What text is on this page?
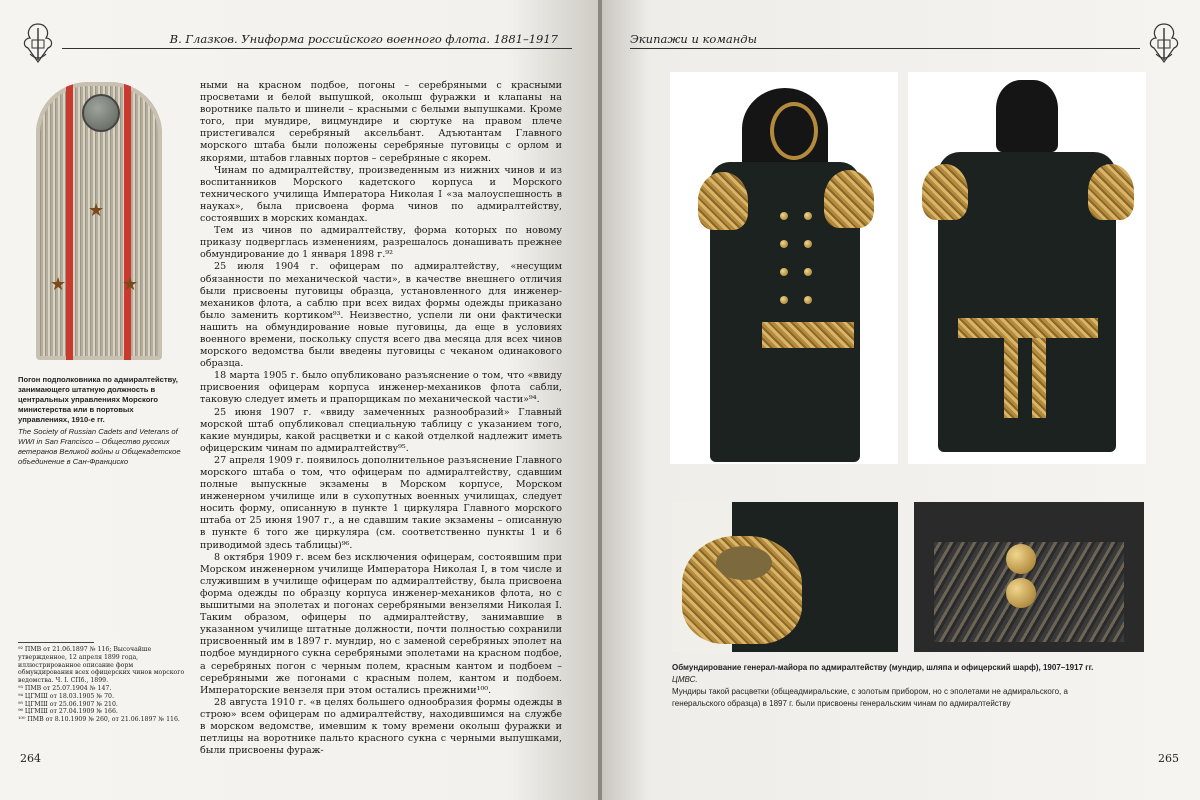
В. Глазков. Униформа российского военного флота. 1881–1917
★
★	★
Погон подполковника по адмиралтейству, занимающего штатную должность в центральных управлениях Морского министерства или в портовых управлениях, 1910-е гг.
The Society of Russian Cadets and Veterans of WWI in San Francisco – Общество русских ветеранов Великой войны и Общекадетское объединение в Сан-Франциско

ными на красном подбое, погоны – серебряными с красными просветами и белой выпушкой, околыш фуражки и клапаны на воротнике пальто и шинели – красными с белыми выпушками. Кроме того, при мундире, вицмундире и сюртуке на правом плече пристегивался серебряный аксельбант. Адъютантам Главного морского штаба были положены серебряные пуговицы с орлом и якорями, штабов главных портов – серебряные с якорем.

Чинам по адмиралтейству, произведенным из нижних чинов и из воспитанников Морского кадетского корпуса и Морского технического училища Императора Николая I «за малоуспешность в науках», была присвоена форма чинов по адмиралтейству, состоявших в морских командах.

Тем из чинов по адмиралтейству, форма которых по новому приказу подверглась изменениям, разрешалось донашивать прежнее обмундирование до 1 января 1898 г.⁹²

25 июля 1904 г. офицерам по адмиралтейству, «несущим обязанности по механической части», в качестве внешнего отличия были присвоены пуговицы образца, установленного для инженер-механиков флота, а саблю при всех видах формы одежды приказано было заменить кортиком⁹³. Неизвестно, успели ли они фактически нашить на обмундирование новые пуговицы, да еще в условиях военного времени, поскольку спустя всего два месяца для всех чинов морского ведомства были введены пуговицы с чеканом одинакового образца.

18 марта 1905 г. было опубликовано разъяснение о том, что «ввиду присвоения офицерам корпуса инженер-механиков флота сабли, таковую следует иметь и прапорщикам по механической части»⁹⁴.

25 июня 1907 г. «ввиду замеченных разнообразий» Главный морской штаб опубликовал специальную таблицу с указанием того, какие мундиры, какой расцветки и с какой отделкой надлежит иметь офицерским чинам по адмиралтейству⁹⁵.

27 апреля 1909 г. появилось дополнительное разъяснение Главного морского штаба о том, что офицерам по адмиралтейству, сдавшим полные выпускные экзамены в Морском корпусе, Морском инженерном училище или в сухопутных военных училищах, следует носить форму, описанную в пункте 1 циркуляра Главного морского штаба от 25 июня 1907 г., а не сдавшим такие экзамены – описанную в пункте 6 того же циркуляра (см. соответственно пункты 1 и 6 приводимой здесь таблицы)⁹⁶.

8 октября 1909 г. всем без исключения офицерам, состоявшим при Морском инженерном училище Императора Николая I, в том числе и служившим в училище офицерам по адмиралтейству, была присвоена форма одежды по образцу корпуса инженер-механиков флота, но с вышитыми на эполетах и погонах серебряными вензелями Николая I. Таким образом, офицеры по адмиралтейству, занимавшие в указанном училище штатные должности, почти полностью сохранили присвоенный им в 1897 г. мундир, но с заменой серебряных эполет на подбое мундирного сукна серебряными эполетами на красном подбое, а серебряных погон с черным полем, красным кантом и подбоем – серебряными же погонами с красным полем, кантом и подбоем. Императорские вензеля при этом остались прежними¹⁰⁰.

28 августа 1910 г. «в целях большего однообразия формы одежды в строю» всем офицерам по адмиралтейству, находившимся на службе в морском ведомстве, имевшим к тому времени околыш фуражки и петлицы на воротнике пальто красного сукна с черными выпушками, были присвоены фураж-

⁹² ПМВ от 21.06.1897 № 116; Высочайше утвержденное, 12 апреля 1899 года, иллюстрированное описание форм обмундирования всех офицерских чинов морского ведомства. Ч. I. СПб., 1899.
⁹³ ПМВ от 25.07.1904 № 147.
⁹⁴ ЦГМШ от 18.03.1905 № 70.
⁹⁵ ЦГМШ от 25.06.1907 № 210.
⁹⁶ ЦГМШ от 27.04.1909 № 166.
¹⁰⁰ ПМВ от 8.10.1909 № 260, от 21.06.1897 № 116.
264
Экипажи и команды
265
Обмундирование генерал-майора по адмиралтейству (мундир, шляпа и офицерский шарф), 1907–1917 гг.
ЦМВС.
Мундиры такой расцветки (общеадмиральские, с золотым прибором, но с эполетами не адмиральского, а генеральского образца) в 1897 г. были присвоены генеральским чинам по адмиралтейству
